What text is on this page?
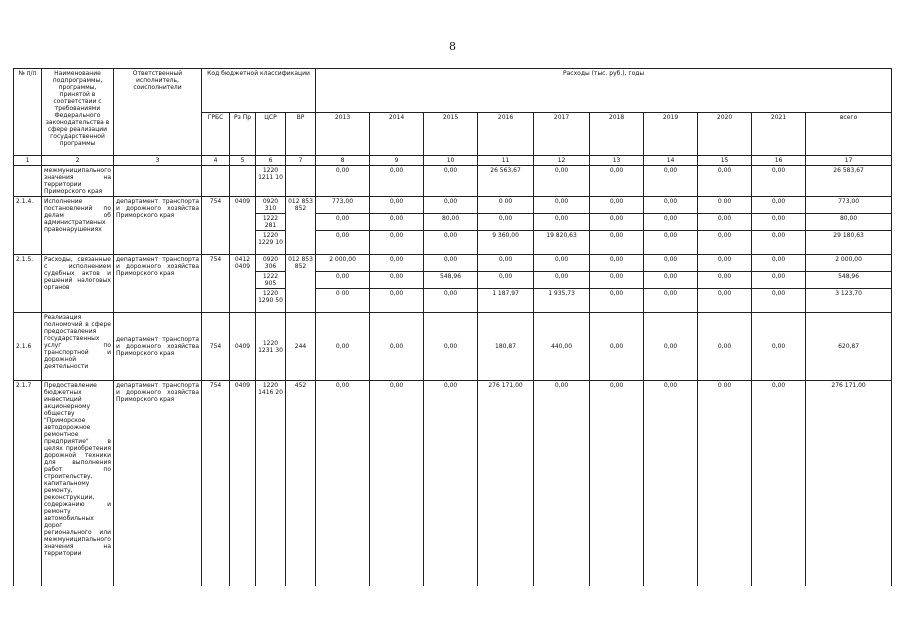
8
№ п/п	Наименование подпрограммы, программы, принятой в соответствии с требованиями Федерального законодательства в сфере реализации государственной программы	Ответственный исполнитель, соисполнители	Код бюджетной классификации				Расходы (тыс. руб.), годы									
			ГРБС	Рз Пр	ЦСР	ВР	2013	2014	2015	2016	2017	2018	2019	2020	2021	всего
1	2	3	4	5	6	7	8	9	10	11	12	13	14	15	16	17
	межмуниципального значения на территории Приморского края				1220 1211 10		0,00	0,00	0,00	26 563,67	0,00	0,00	0,00	0,00	0,00	26 583,67
2.1.4.	Исполнение постановлений по делам об административных правонарушениях	департамент транспорта и дорожного хозяйства Приморского края	754	0409	0920 310	012 853 852	773,00	0,00	0,00	0 00	0,00	0,00	0,00	0 00	0,00	773,00
					1222 281		0,00	0,00	80,00	0,00	0,00	0,00	0,00	0,00	0,00	80,00
					1220 1229 10		0,00	0,00	0,00	9 360,00	19 820,63	0,00	0,00	0,00	0,00	29 180,63
2.1.5.	Расходы, связанные с исполнением судебных актов и решений налоговых органов	департамент транспорта и дорожного хозяйства Приморского края	754	0412 0409	0920 306	012 853 852	2 000,00	0,00	0,00	0,00	0,00	0,00	0,00	0,00	0,00	2 000,00
					1222 905		0,00	0,00	548,96	0,00	0,00	0,00	0,00	0,00	0,00	548,96
					1220 1290 50		0 00	0,00	0,00	1 187,97	1 935,73	0,00	0,00	0,00	0,00	3 123,70
2.1.6	Реализация полномочий в сфере предоставления государственных услуг по транспортной и дорожной деятельности	департамент транспорта и дорожного хозяйства Приморского края	754	0409	1220 1231 30	244	0,00	0,00	0,00	180,87	440,00	0,00	0,00	0,00	0,00	620,87
2.1.7	Предоставление бюджетных инвестиций акционерному обществу "Приморское автодорожное ремонтное предприятие" в целях приобретения дорожной техники для выполнения работ по строительству, капитальному ремонту, реконструкции, содержанию и ремонту автомобильных дорог регионального или межмуниципального значения на территории	департамент транспорта и дорожного хозяйства Приморского края	754	0409	1220 1416 20	452	0,00	0,00	0,00	276 171,00	0,00	0,00	0,00	0 00	0,00	276 171,00
